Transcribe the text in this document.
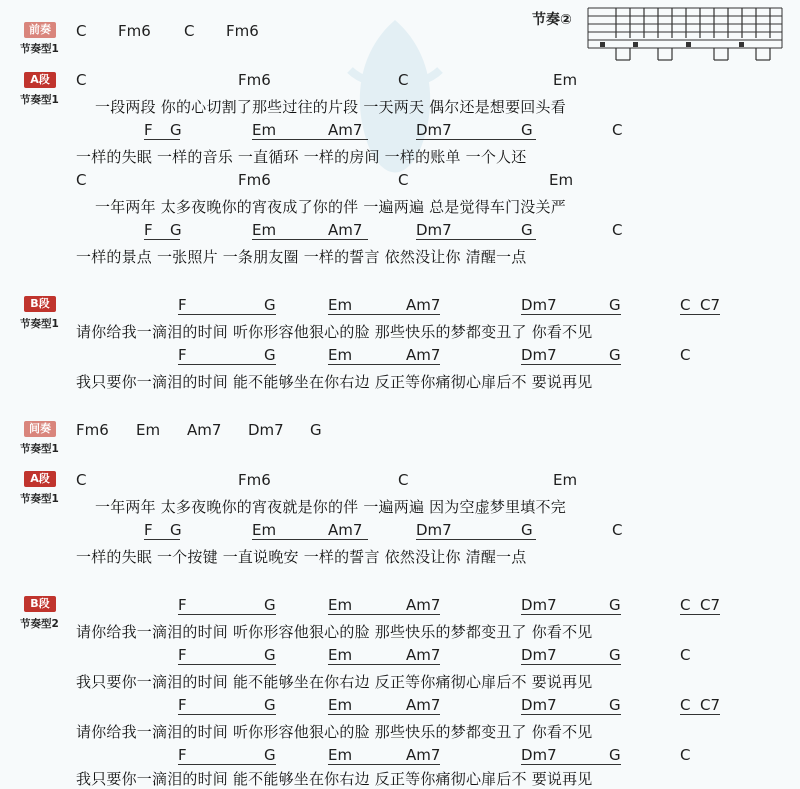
节奏②
前奏
节奏型1
C Fm6 C Fm6
A段
节奏型1
C	Fm6	C	Em
一段两段 你的心切割了那些过往的片段 一天两天 偶尔还是想要回头看
F G	Em	Am7	Dm7	G	C
一样的失眠 一样的音乐 一直循环 一样的房间 一样的账单 一个人还
C	Fm6	C	Em
一年两年 太多夜晚你的宵夜成了你的伴 一遍两遍 总是觉得车门没关严
F G	Em	Am7	Dm7	G	C
一样的景点 一张照片 一条朋友圈 一样的誓言 依然没让你 清醒一点
B段
节奏型1
F	G	Em	Am7	Dm7	G	C C7
请你给我一滴泪的时间 听你形容他狠心的脸 那些快乐的梦都变丑了 你看不见
F	G	Em	Am7	Dm7	G	C
我只要你一滴泪的时间 能不能够坐在你右边 反正等你痛彻心扉后不 要说再见
间奏
节奏型1
Fm6 Em Am7 Dm7 G
A段
节奏型1
C	Fm6	C	Em
一年两年 太多夜晚你的宵夜就是你的伴 一遍两遍 因为空虚梦里填不完
F G	Em	Am7	Dm7	G	C
一样的失眠 一个按键 一直说晚安 一样的誓言 依然没让你 清醒一点
B段
节奏型2
F	G	Em	Am7	Dm7	G	C C7
请你给我一滴泪的时间 听你形容他狠心的脸 那些快乐的梦都变丑了 你看不见
F	G	Em	Am7	Dm7	G	C
我只要你一滴泪的时间 能不能够坐在你右边 反正等你痛彻心扉后不 要说再见
F	G	Em	Am7	Dm7	G	C C7
请你给我一滴泪的时间 听你形容他狠心的脸 那些快乐的梦都变丑了 你看不见
F	G	Em	Am7	Dm7	G	C
我只要你一滴泪的时间 能不能够坐在你右边 反正等你痛彻心扉后不 要说再见
